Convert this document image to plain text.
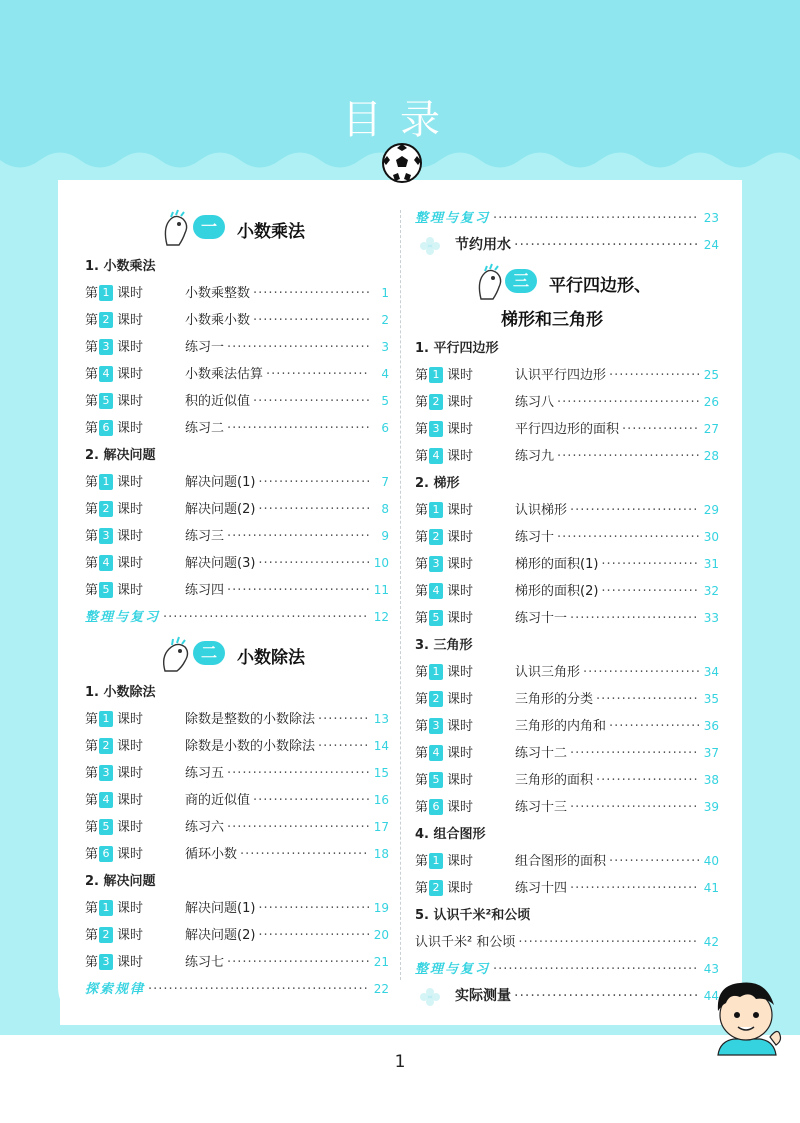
目录
一	小数乘法
1. 小数乘法
第 1 课时	小数乘整数 ·····	1
第 2 课时	小数乘小数 ·····	2
第 3 课时	练习一 ·····	3
第 4 课时	小数乘法估算 ·····	4
第 5 课时	积的近似值 ·····	5
第 6 课时	练习二 ·····	6
2. 解决问题
第 1 课时	解决问题(1) ·····	7
第 2 课时	解决问题(2) ·····	8
第 3 课时	练习三 ·····	9
第 4 课时	解决问题(3) ·····	10
第 5 课时	练习四 ·····	11
整理与复习 ·····	12
二	小数除法
1. 小数除法
第 1 课时	除数是整数的小数除法 ·····	13
第 2 课时	除数是小数的小数除法 ·····	14
第 3 课时	练习五 ·····	15
第 4 课时	商的近似值 ·····	16
第 5 课时	练习六 ·····	17
第 6 课时	循环小数 ·····	18
2. 解决问题
第 1 课时	解决问题(1) ·····	19
第 2 课时	解决问题(2) ·····	20
第 3 课时	练习七 ·····	21
探索规律 ·····	22
整理与复习 ·····	23
节约用水 ·····	24
三	平行四边形、
梯形和三角形
1. 平行四边形
第 1 课时	认识平行四边形 ·····	25
第 2 课时	练习八 ·····	26
第 3 课时	平行四边形的面积 ·····	27
第 4 课时	练习九 ·····	28
2. 梯形
第 1 课时	认识梯形 ·····	29
第 2 课时	练习十 ·····	30
第 3 课时	梯形的面积(1) ·····	31
第 4 课时	梯形的面积(2) ·····	32
第 5 课时	练习十一 ·····	33
3. 三角形
第 1 课时	认识三角形 ·····	34
第 2 课时	三角形的分类 ·····	35
第 3 课时	三角形的内角和 ·····	36
第 4 课时	练习十二 ·····	37
第 5 课时	三角形的面积 ·····	38
第 6 课时	练习十三 ·····	39
4. 组合图形
第 1 课时	组合图形的面积 ·····	40
第 2 课时	练习十四 ·····	41
5. 认识千米²和公顷
认识千米² 和公顷 ·····	42
整理与复习 ·····	43
实际测量 ·····	44
1
